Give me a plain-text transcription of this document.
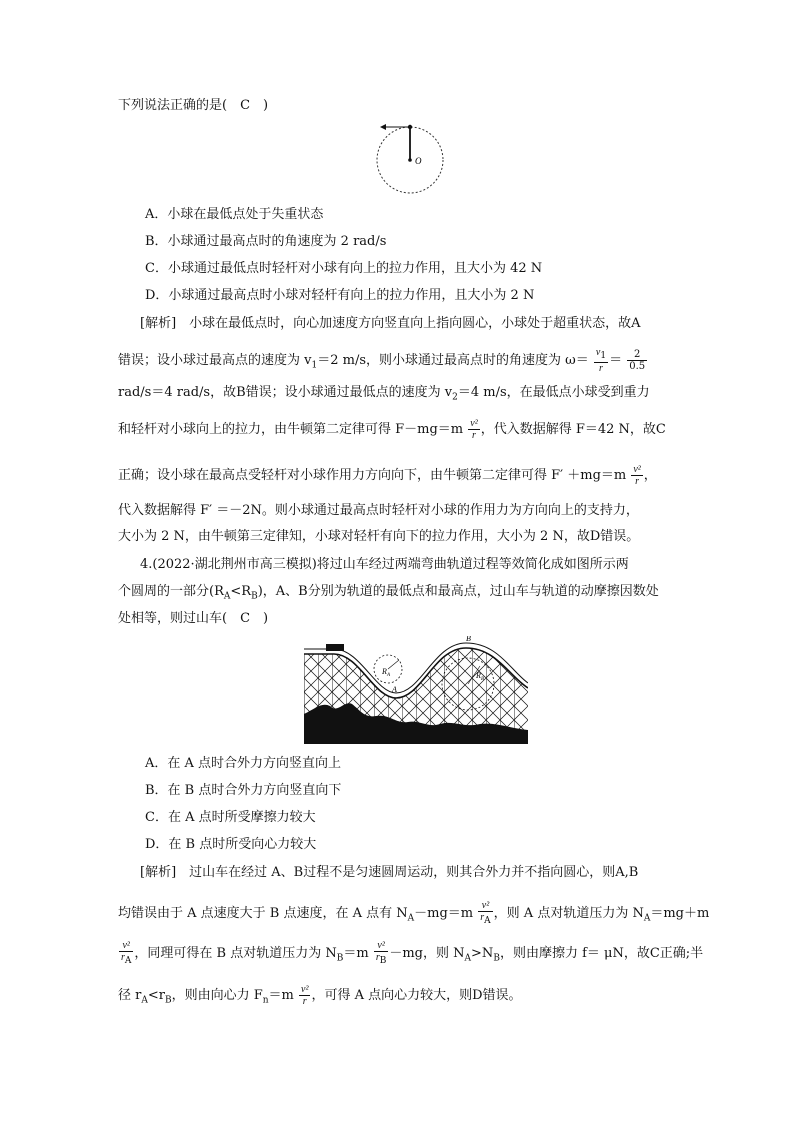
下列说法正确的是(　C　)
O
A．小球在最低点处于失重状态
B．小球通过最高点时的角速度为 2 rad/s
C．小球通过最低点时轻杆对小球有向上的拉力作用，且大小为 42 N
D．小球通过最高点时小球对轻杆有向上的拉力作用，且大小为 2 N
[解析]　小球在最低点时，向心加速度方向竖直向上指向圆心，小球处于超重状态，故A
错误；设小球过最高点的速度为 $v_1=2$ m/s，则小球通过最高点时的角速度为 $\omega= \frac{v_1}{r} = \frac{2}{0.5}$
rad/s＝4 rad/s，故B错误；设小球通过最低点的速度为 $v_2=4$ m/s，在最低点小球受到重力
和轻杆对小球向上的拉力，由牛顿第二定律可得 $F-mg=m \frac{\text{v²}}{r}$ ，代入数据解得 F＝42 N，故C
正确；设小球在最高点受轻杆对小球作用力方向向下，由牛顿第二定律可得 $F' +mg=m \frac{\text{v²}}{r}$ ，
代入数据解得 F′ ＝－2N。则小球通过最高点时轻杆对小球的作用力为方向向上的支持力，
大小为 2 N，由牛顿第三定律知，小球对轻杆有向下的拉力作用，大小为 2 N，故D错误。
4.(2022·湖北荆州市高三模拟)将过山车经过两端弯曲轨道过程等效简化成如图所示两
个圆周的一部分$(R_A<R_B)$，A、B分别为轨道的最低点和最高点，过山车与轨道的动摩擦因数处
处相等，则过山车(　C　)
R A
A
B
R B
A．在 A 点时合外力方向竖直向上
B．在 B 点时合外力方向竖直向下
C．在 A 点时所受摩擦力较大
D．在 B 点时所受向心力较大
[解析]　过山车在经过 A、B过程不是匀速圆周运动，则其合外力并不指向圆心，则A,B
均错误由于 A 点速度大于 B 点速度，在 A 点有 $N_A-mg=m \frac{\text{v²}}{r_A}$ ，则 A 点对轨道压力为 $N_A=mg+m$
$\frac{\text{v²}}{r_A}$ ，同理可得在 B 点对轨道压力为 $N_B=m \frac{\text{v²}}{r_B} -mg$，则 $N_A>N_B$，则由摩擦力 f＝ μN，故C正确;半
径 $r_A<r_B$，则由向心力 $F_n=m \frac{\text{v²}}{r}$ ，可得 A 点向心力较大，则D错误。
